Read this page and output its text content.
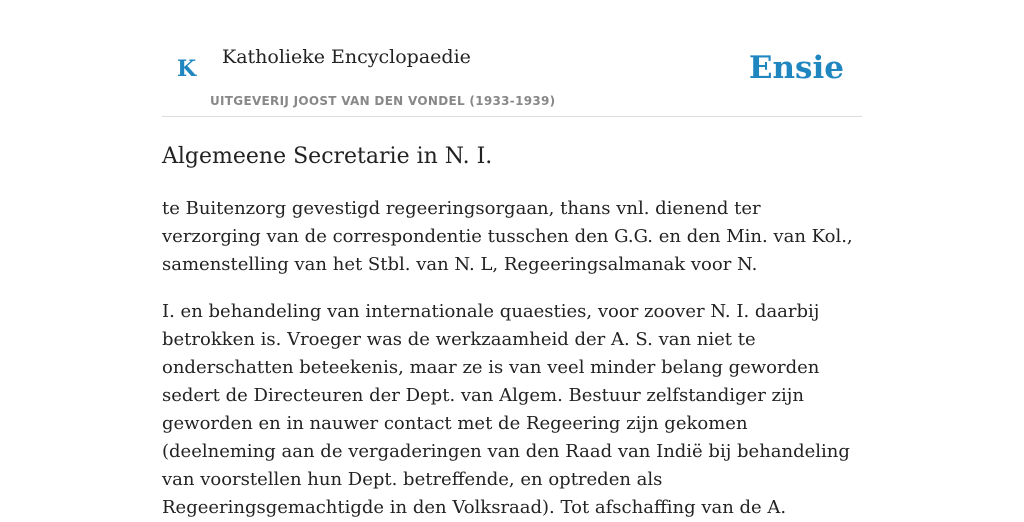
K Katholieke Encyclopaedie
UITGEVERIJ JOOST VAN DEN VONDEL (1933-1939)
Ensie
Algemeene Secretarie in N. I.

te Buitenzorg gevestigd regeeringsorgaan, thans vnl. dienend ter verzorging van de correspondentie tusschen den G.G. en den Min. van Kol., samenstelling van het Stbl. van N. L, Regeeringsalmanak voor N.

I. en behandeling van internationale quaesties, voor zoover N. I. daarbij betrokken is. Vroeger was de werkzaamheid der A. S. van niet te onderschatten beteekenis, maar ze is van veel minder belang geworden sedert de Directeuren der Dept. van Algem. Bestuur zelfstandiger zijn geworden en in nauwer contact met de Regeering zijn gekomen (deelneming aan de vergaderingen van den Raad van Indië bij behandeling van voorstellen hun Dept. betreffende, en optreden als Regeeringsgemachtigde in den Volksraad). Tot afschaffing van de A.
